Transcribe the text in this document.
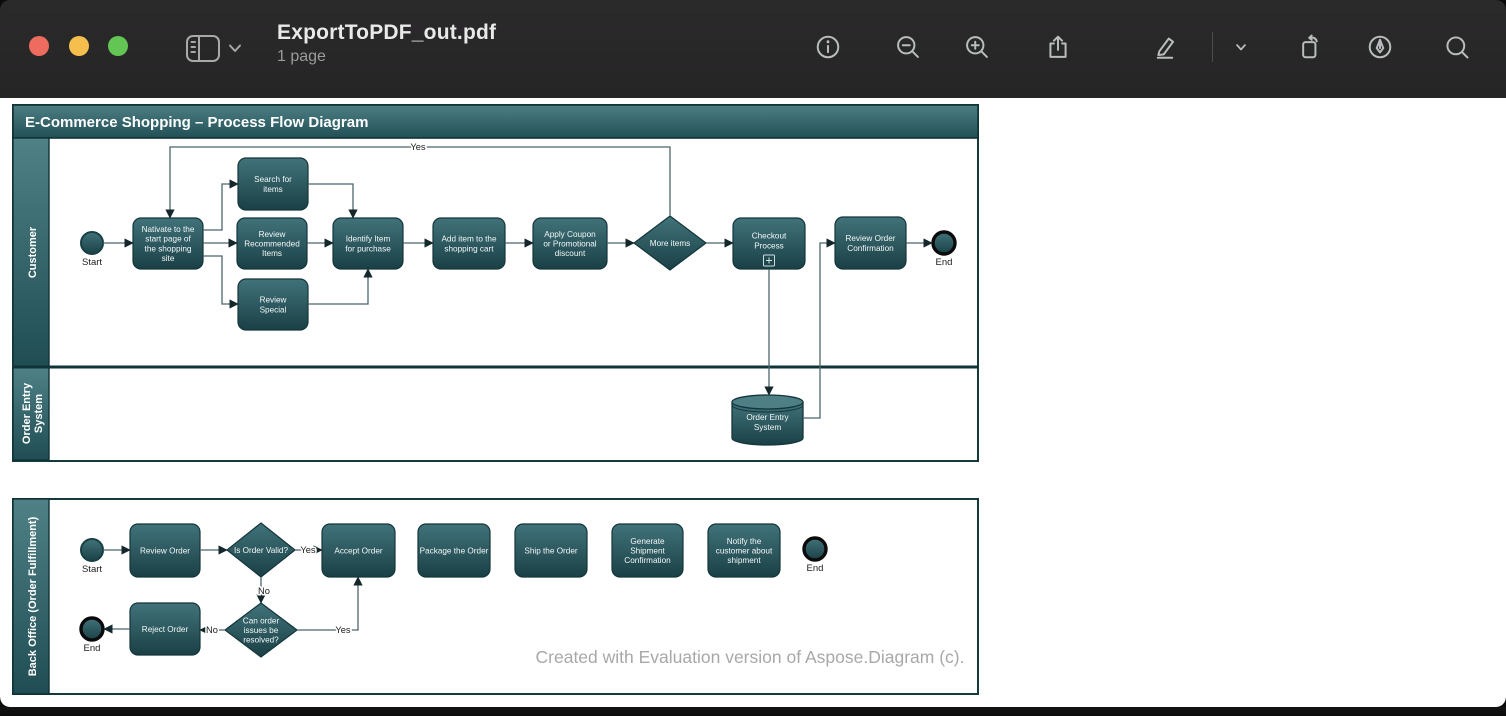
ExportToPDF_out.pdf
1 page
E-Commerce Shopping – Process Flow Diagram
Customer
Order Entry System
Start
Nativate to the
start page of
the shopping
site
Search for
items
Review
Recommended
Items
Review
Special
Identify Item
for purchase
Add item to the
shopping cart
Apply Coupon
or Promotional
discount
More items
Checkout
Process
Review Order
Confirmation
End
Order Entry
System
Yes
Back Office (Order Fulfillment)	Start
Review Order	Is Order Valid?	Accept Order	Package the Order	Ship the Order
Generate
Shipment
Confirmation
Notify the
customer about
shipment
End
Can order
issues be
resolved?
Reject Order
End
Yes
No
No	Yes
Created with Evaluation version of Aspose.Diagram (c).
